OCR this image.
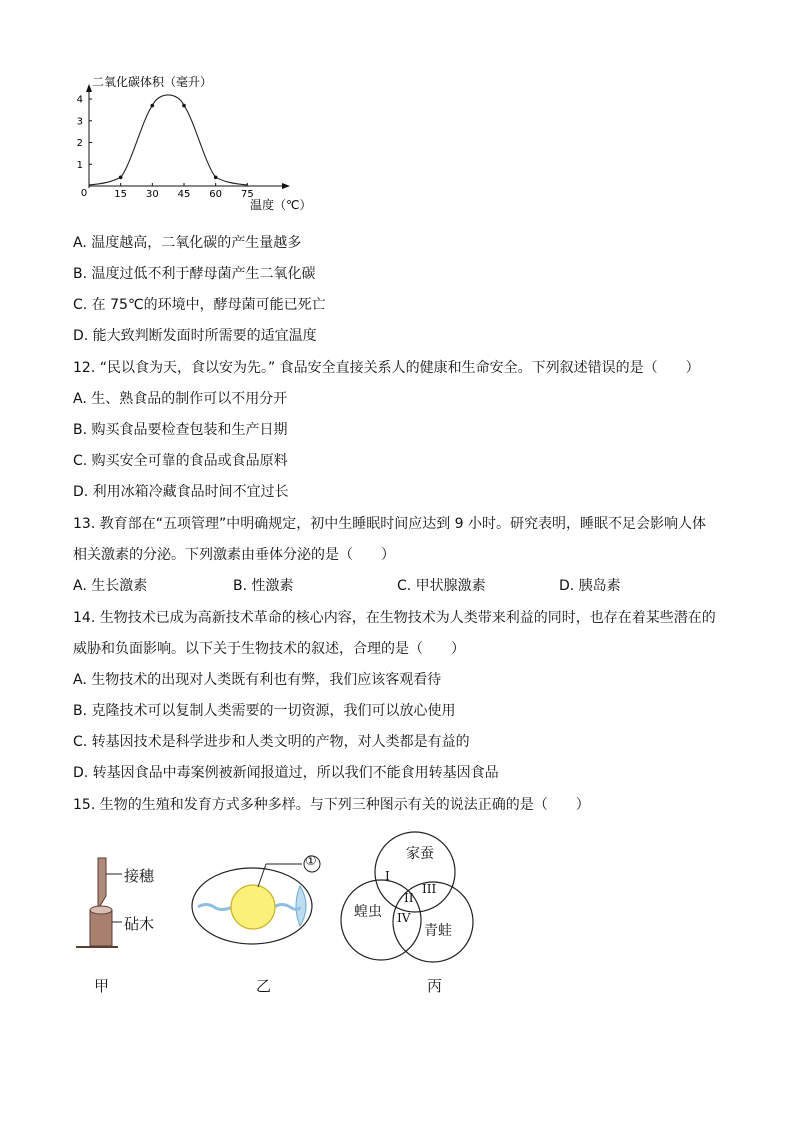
二氧化碳体积（毫升）
1
2
3
4
15 30 45 60 75
0
温度（℃）
A. 温度越高，二氧化碳的产生量越多
B. 温度过低不利于酵母菌产生二氧化碳
C. 在 75℃的环境中，酵母菌可能已死亡
D. 能大致判断发面时所需要的适宜温度
12. “民以食为天，食以安为先。” 食品安全直接关系人的健康和生命安全。下列叙述错误的是（　　）
A. 生、熟食品的制作可以不用分开
B. 购买食品要检查包装和生产日期
C. 购买安全可靠的食品或食品原料
D. 利用冰箱冷藏食品时间不宜过长
13. 教育部在“五项管理”中明确规定，初中生睡眠时间应达到 9 小时。研究表明，睡眠不足会影响人体
相关激素的分泌。下列激素由垂体分泌的是（　　）
A. 生长激素	B. 性激素	C. 甲状腺激素	D. 胰岛素
14. 生物技术已成为高新技术革命的核心内容，在生物技术为人类带来利益的同时，也存在着某些潜在的
威胁和负面影响。以下关于生物技术的叙述，合理的是（　　）
A. 生物技术的出现对人类既有利也有弊，我们应该客观看待
B. 克隆技术可以复制人类需要的一切资源，我们可以放心使用
C. 转基因技术是科学进步和人类文明的产物，对人类都是有益的
D. 转基因食品中毒案例被新闻报道过，所以我们不能食用转基因食品
15. 生物的生殖和发育方式多种多样。与下列三种图示有关的说法正确的是（　　）
接穗
砧木
甲
①
乙
家蚕
蝗虫
青蛙
I
II
III
IV
丙
